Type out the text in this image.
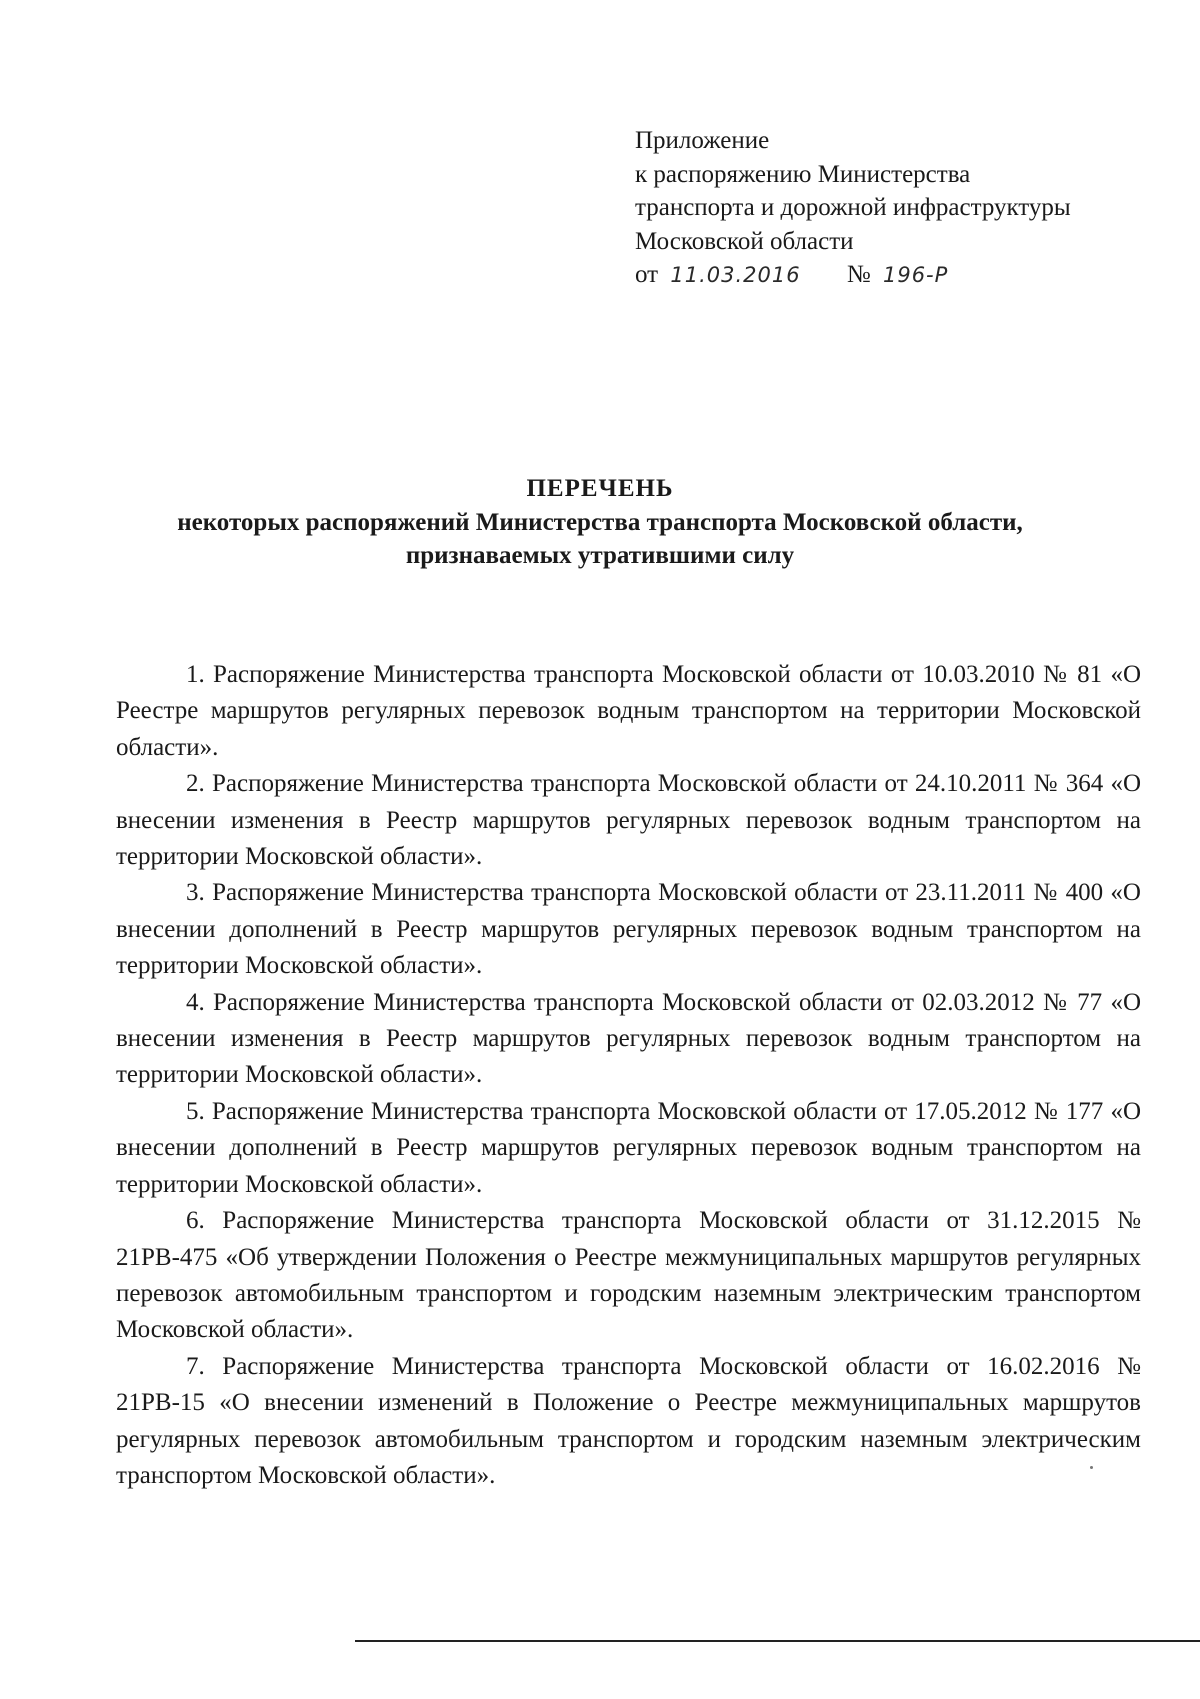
Приложение
к распоряжению Министерства
транспорта и дорожной инфраструктуры
Московской области
от 11.03.2016 № 196-Р
ПЕРЕЧЕНЬ
некоторых распоряжений Министерства транспорта Московской области,
признаваемых утратившими силу

1. Распоряжение Министерства транспорта Московской области от 10.03.2010 № 81 «О Реестре маршрутов регулярных перевозок водным транспортом на территории Московской области».

2. Распоряжение Министерства транспорта Московской области от 24.10.2011 № 364 «О внесении изменения в Реестр маршрутов регулярных перевозок водным транспортом на территории Московской области».

3. Распоряжение Министерства транспорта Московской области от 23.11.2011 № 400 «О внесении дополнений в Реестр маршрутов регулярных перевозок водным транспортом на территории Московской области».

4. Распоряжение Министерства транспорта Московской области от 02.03.2012 № 77 «О внесении изменения в Реестр маршрутов регулярных перевозок водным транспортом на территории Московской области».

5. Распоряжение Министерства транспорта Московской области от 17.05.2012 № 177 «О внесении дополнений в Реестр маршрутов регулярных перевозок водным транспортом на территории Московской области».

6. Распоряжение Министерства транспорта Московской области от 31.12.2015 № 21РВ-475 «Об утверждении Положения о Реестре межмуниципальных маршрутов регулярных перевозок автомобильным транспортом и городским наземным электрическим транспортом Московской области».

7. Распоряжение Министерства транспорта Московской области от 16.02.2016 № 21РВ-15 «О внесении изменений в Положение о Реестре межмуниципальных маршрутов регулярных перевозок автомобильным транспортом и городским наземным электрическим транспортом Московской области».
